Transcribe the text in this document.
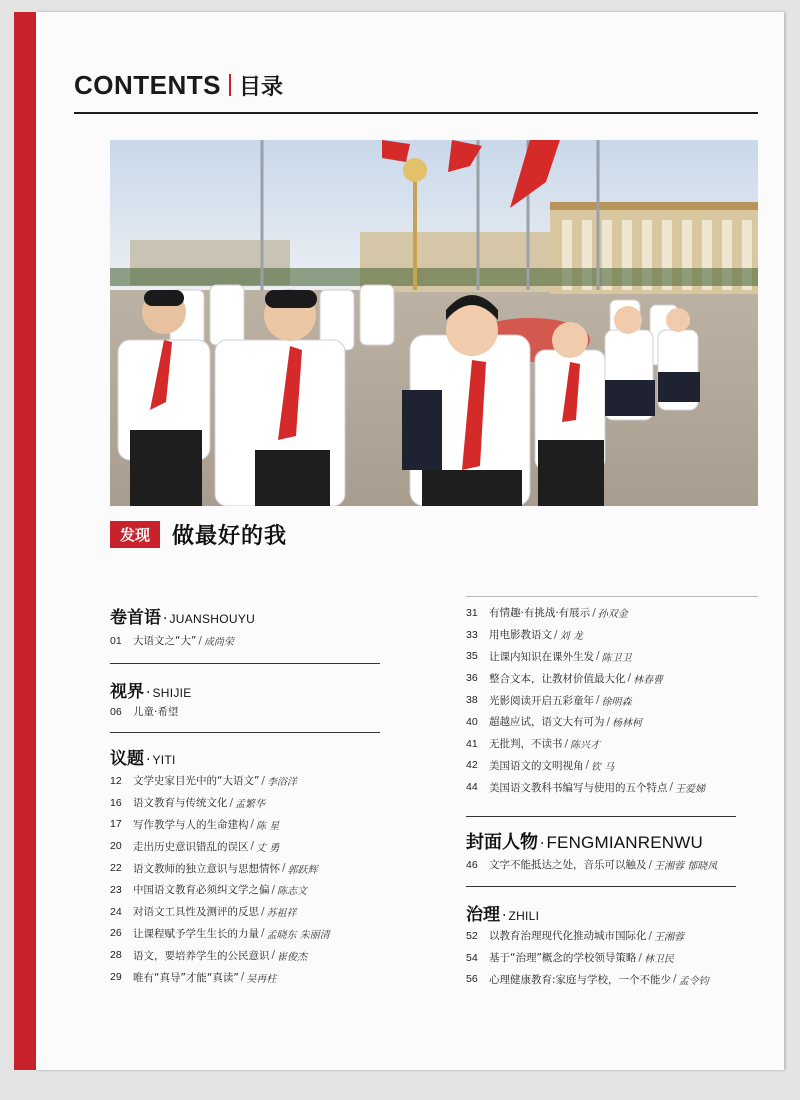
CONTENTS 目录
发现	做最好的我
卷首语 · JUANSHOUYU
01	大语文之“大” / 成尚荣
视界 · SHIJIE
06	儿童·希望
议题 · YITI
12	文学史家目光中的“大语文” / 李浴洋
16	语文教育与传统文化 / 孟繁华
17	写作教学与人的生命建构 / 陈 星
20	走出历史意识错乱的误区 / 丈 勇
22	语文教师的独立意识与思想情怀 / 郭跃辉
23	中国语文教育必须纠文学之偏 / 陈志文
24	对语文工具性及测评的反思 / 苏祖祥
26	让课程赋予学生生长的力量 / 孟晓东 朱丽清
28	语文，要培养学生的公民意识 / 崔俊杰
29	唯有“真导”才能“真读” / 吴再柱
31	有情趣·有挑战·有展示 / 孙双金
33	用电影教语文 / 刘 龙
35	让课内知识在课外生发 / 陈卫卫
36	整合文本，让教材价值最大化 / 林春曹
38	光影阅读开启五彩童年 / 徐明森
40	超越应试，语文大有可为 / 杨林柯
41	无批判，不读书 / 陈兴才
42	美国语文的文明视角 / 钦 马
44	美国语文教科书编写与使用的五个特点 / 王爱娣
封面人物 · FENGMIANRENWU
46	文字不能抵达之处，音乐可以触及 / 王湘蓉 郁晓凤
治理 · ZHILI
52	以教育治理现代化推动城市国际化 / 王湘蓉
54	基于“治理”概念的学校领导策略 / 林卫民
56	心理健康教育:家庭与学校，一个不能少 / 孟令钧
